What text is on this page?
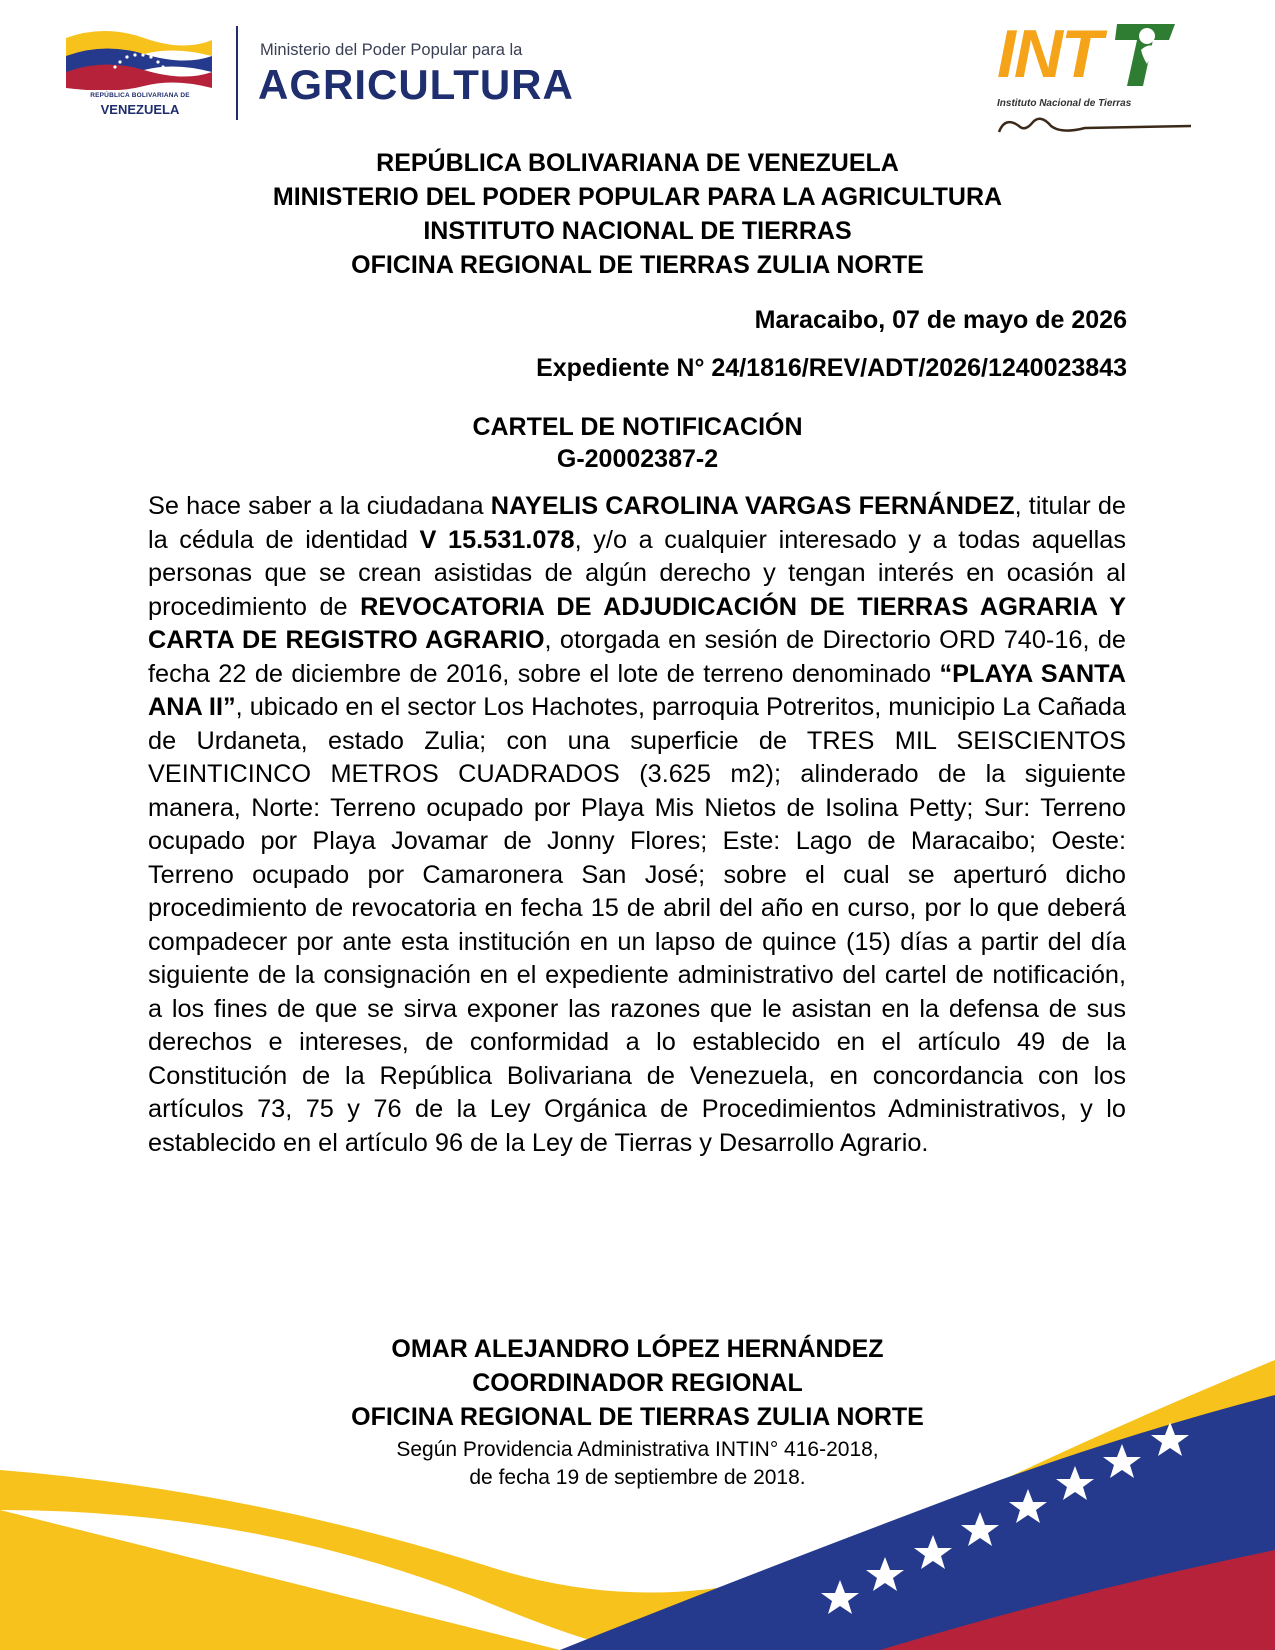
REPÚBLICA BOLIVARIANA DE
VENEZUELA
Ministerio del Poder Popular para la
AGRICULTURA	INT
Instituto Nacional de Tierras
REPÚBLICA BOLIVARIANA DE VENEZUELA
MINISTERIO DEL PODER POPULAR PARA LA AGRICULTURA
INSTITUTO NACIONAL DE TIERRAS
OFICINA REGIONAL DE TIERRAS ZULIA NORTE
Maracaibo, 07 de mayo de 2026
Expediente N° 24/1816/REV/ADT/2026/1240023843
CARTEL DE NOTIFICACIÓN
G-20002387-2
Se hace saber a la ciudadana NAYELIS CAROLINA VARGAS FERNÁNDEZ, titular de la cédula de identidad V 15.531.078, y/o a cualquier interesado y a todas aquellas personas que se crean asistidas de algún derecho y tengan interés en ocasión al procedimiento de REVOCATORIA DE ADJUDICACIÓN DE TIERRAS AGRARIA Y CARTA DE REGISTRO AGRARIO, otorgada en sesión de Directorio ORD 740-16, de fecha 22 de diciembre de 2016, sobre el lote de terreno denominado “PLAYA SANTA ANA II”, ubicado en el sector Los Hachotes, parroquia Potreritos, municipio La Cañada de Urdaneta, estado Zulia; con una superficie de TRES MIL SEISCIENTOS VEINTICINCO METROS CUADRADOS (3.625 m2); alinderado de la siguiente manera, Norte: Terreno ocupado por Playa Mis Nietos de Isolina Petty; Sur: Terreno ocupado por Playa Jovamar de Jonny Flores; Este: Lago de Maracaibo; Oeste: Terreno ocupado por Camaronera San José; sobre el cual se aperturó dicho procedimiento de revocatoria en fecha 15 de abril del año en curso, por lo que deberá compadecer por ante esta institución en un lapso de quince (15) días a partir del día siguiente de la consignación en el expediente administrativo del cartel de notificación, a los fines de que se sirva exponer las razones que le asistan en la defensa de sus derechos e intereses, de conformidad a lo establecido en el artículo 49 de la Constitución de la República Bolivariana de Venezuela, en concordancia con los artículos 73, 75 y 76 de la Ley Orgánica de Procedimientos Administrativos, y lo establecido en el artículo 96 de la Ley de Tierras y Desarrollo Agrario.
OMAR ALEJANDRO LÓPEZ HERNÁNDEZ
COORDINADOR REGIONAL
OFICINA REGIONAL DE TIERRAS ZULIA NORTE
Según Providencia Administrativa INTIN° 416-2018,
de fecha 19 de septiembre de 2018.
